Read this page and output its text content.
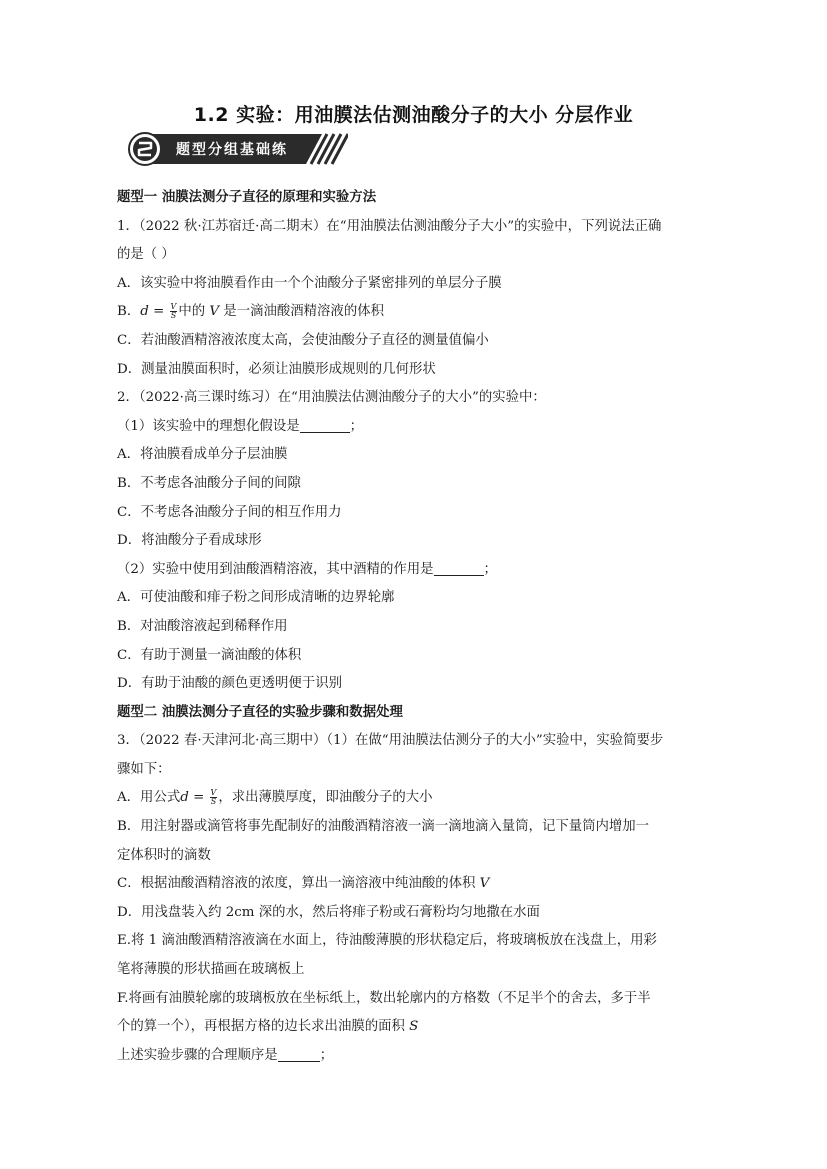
1.2 实验：用油膜法估测油酸分子的大小 分层作业
题型分组基础练
题型一 油膜法测分子直径的原理和实验方法
1．（2022 秋·江苏宿迁·高二期末）在“用油膜法估测油酸分子大小”的实验中，下列说法正确
的是（ ）
A．该实验中将油膜看作由一个个油酸分子紧密排列的单层分子膜
B．$d = \frac{V}{S}$ 中的 V 是一滴油酸酒精溶液的体积
C．若油酸酒精溶液浓度太高，会使油酸分子直径的测量值偏小
D．测量油膜面积时，必须让油膜形成规则的几何形状
2．（2022·高三课时练习）在“用油膜法估测油酸分子的大小”的实验中：
（1）该实验中的理想化假设是	；
A．将油膜看成单分子层油膜
B．不考虑各油酸分子间的间隙
C．不考虑各油酸分子间的相互作用力
D．将油酸分子看成球形
（2）实验中使用到油酸酒精溶液，其中酒精的作用是	；
A．可使油酸和痱子粉之间形成清晰的边界轮廓
B．对油酸溶液起到稀释作用
C．有助于测量一滴油酸的体积
D．有助于油酸的颜色更透明便于识别
题型二 油膜法测分子直径的实验步骤和数据处理
3．（2022 春·天津河北·高三期中）（1）在做“用油膜法估测分子的大小”实验中，实验简要步
骤如下：
A．用公式$d = \frac{V}{S}$ ，求出薄膜厚度，即油酸分子的大小
B．用注射器或滴管将事先配制好的油酸酒精溶液一滴一滴地滴入量筒，记下量筒内增加一
定体积时的滴数
C．根据油酸酒精溶液的浓度，算出一滴溶液中纯油酸的体积 V
D．用浅盘装入约 2cm 深的水，然后将痱子粉或石膏粉均匀地撒在水面
E.将 1 滴油酸酒精溶液滴在水面上，待油酸薄膜的形状稳定后，将玻璃板放在浅盘上，用彩
笔将薄膜的形状描画在玻璃板上
F.将画有油膜轮廓的玻璃板放在坐标纸上，数出轮廓内的方格数（不足半个的舍去，多于半
个的算一个），再根据方格的边长求出油膜的面积 S
上述实验步骤的合理顺序是	；
